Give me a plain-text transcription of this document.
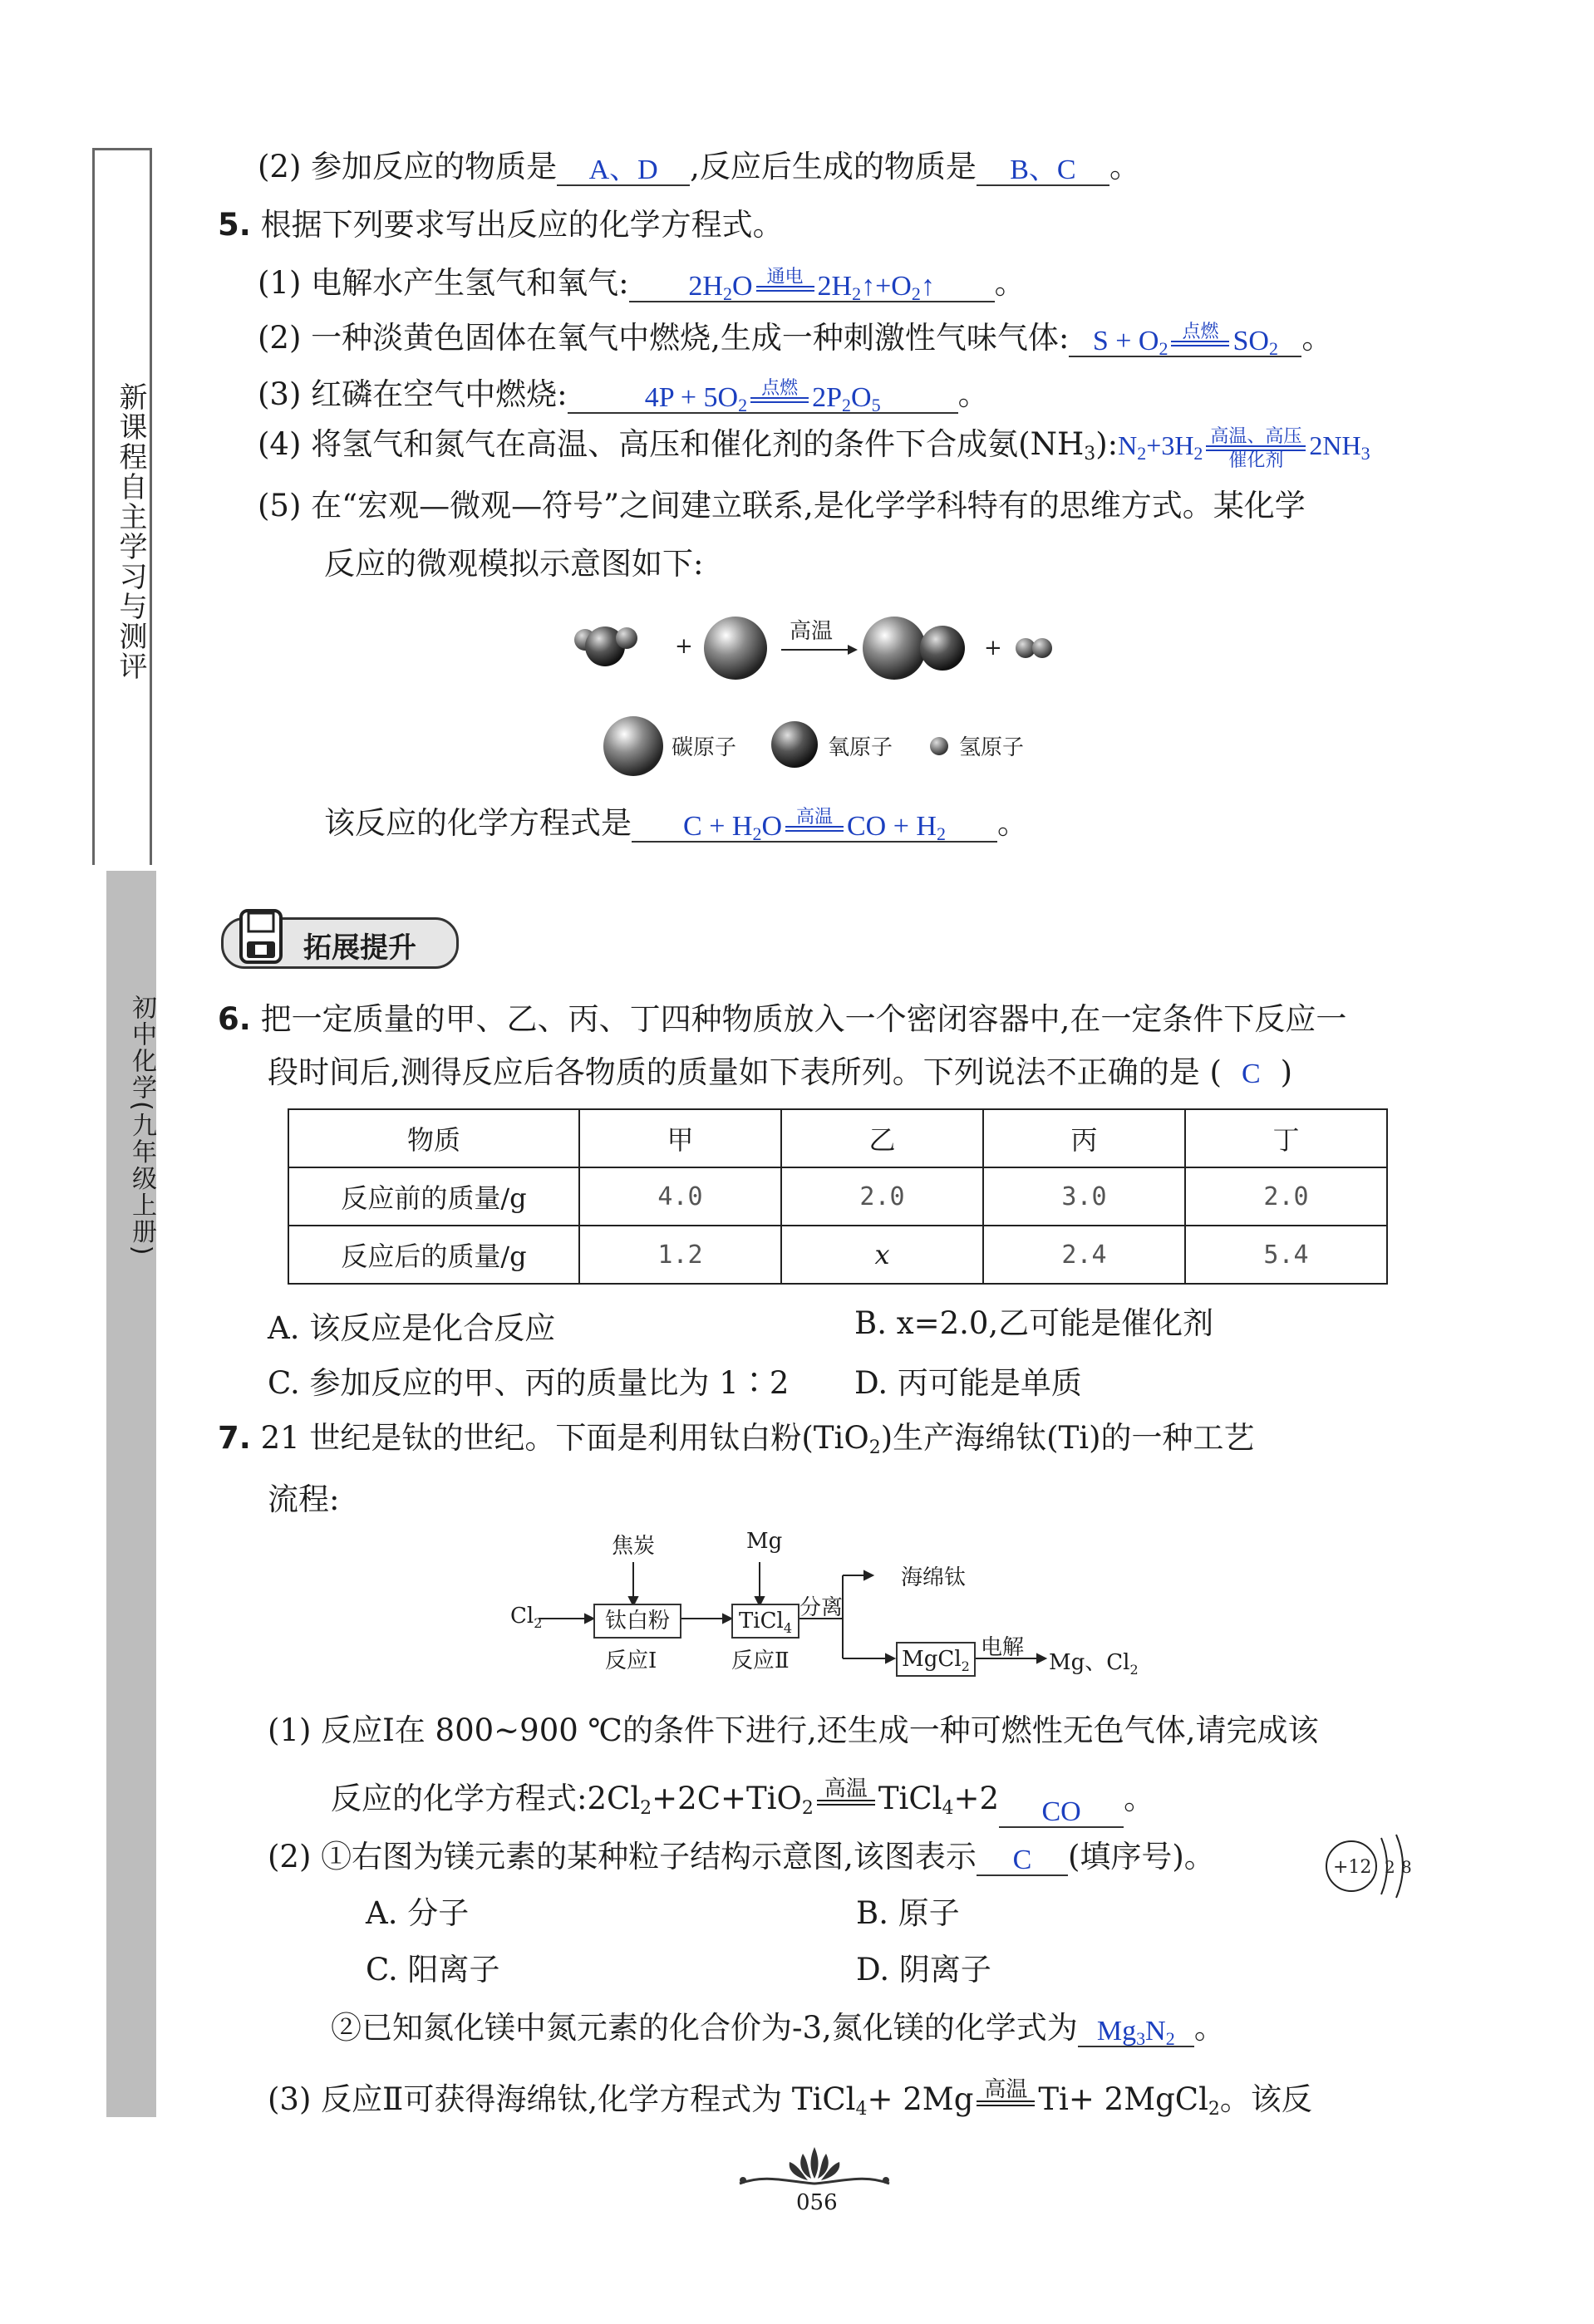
新课程自主学习与测评
初中化学(九年级上册)
(2) 参加反应的物质是 A、D ,反应后生成的物质是 B、C 。
5. 根据下列要求写出反应的化学方程式。
(1) 电解水产生氢气和氧气: $2H_2O$ 通电
$2H_2↑+O_2↑$ 。
(2) 一种淡黄色固体在氧气中燃烧,生成一种刺激性气味气体: $S + O_2$
点燃
$SO_2$ 。
(3) 红磷在空气中燃烧:	$4P + 5O_2$
点燃
$2P_2O_5$	。
(4) 将氢气和氮气在高温、高压和催化剂的条件下合成氨$(NH_3):N_2+3H_2$
高温、高压
催化剂 $2NH_3$
(5) 在“宏观—微观—符号”之间建立联系,是化学学科特有的思维方式。某化学
反应的微观模拟示意图如下:
+
高温
+
碳原子	氧原子	氢原子
该反应的化学方程式是 $C + H_2O$ 高温
CO + $H_2$ 。
拓展提升
6. 把一定质量的甲、乙、丙、丁四种物质放入一个密闭容器中,在一定条件下反应一
段时间后,测得反应后各物质的质量如下表所列。下列说法不正确的是 ( C )
物质	甲	乙	丙	丁
反应前的质量/g	4.0	2.0	3.0	2.0
反应后的质量/g	1.2	x	2.4	5.4
A. 该反应是化合反应	B. x=2.0,乙可能是催化剂
C. 参加反应的甲、丙的质量比为 1∶2 D. 丙可能是单质
7. 21 世纪是钛的世纪。下面是利用钛白粉(TiO$_2$)生产海绵钛(Ti)的一种工艺
流程:
焦炭	Mg
$Cl_2$	钛白粉	TiCl$_4$
分离
海绵钛
MgCl$_2$
电解
Mg、$Cl_2$
反应Ⅰ	反应Ⅱ
(1) 反应Ⅰ在 800~900 ℃的条件下进行,还生成一种可燃性无色气体,请完成该
反应的化学方程式$:2Cl_2+2C+TiO_2$
高温
TiCl$_4$+2 CO 。
(2) ①右图为镁元素的某种粒子结构示意图,该图表示 C (填序号)。	+12 2 8
A. 分子	B. 原子
C. 阳离子	D. 阴离子
②已知氮化镁中氮元素的化合价为-3,氮化镁的化学式为 $Mg_3N_2$ 。
(3) 反应Ⅱ可获得海绵钛,化学方程式为 TiCl$_4$+ 2Mg 高温
Ti+ 2MgCl$_2$。该反
056
